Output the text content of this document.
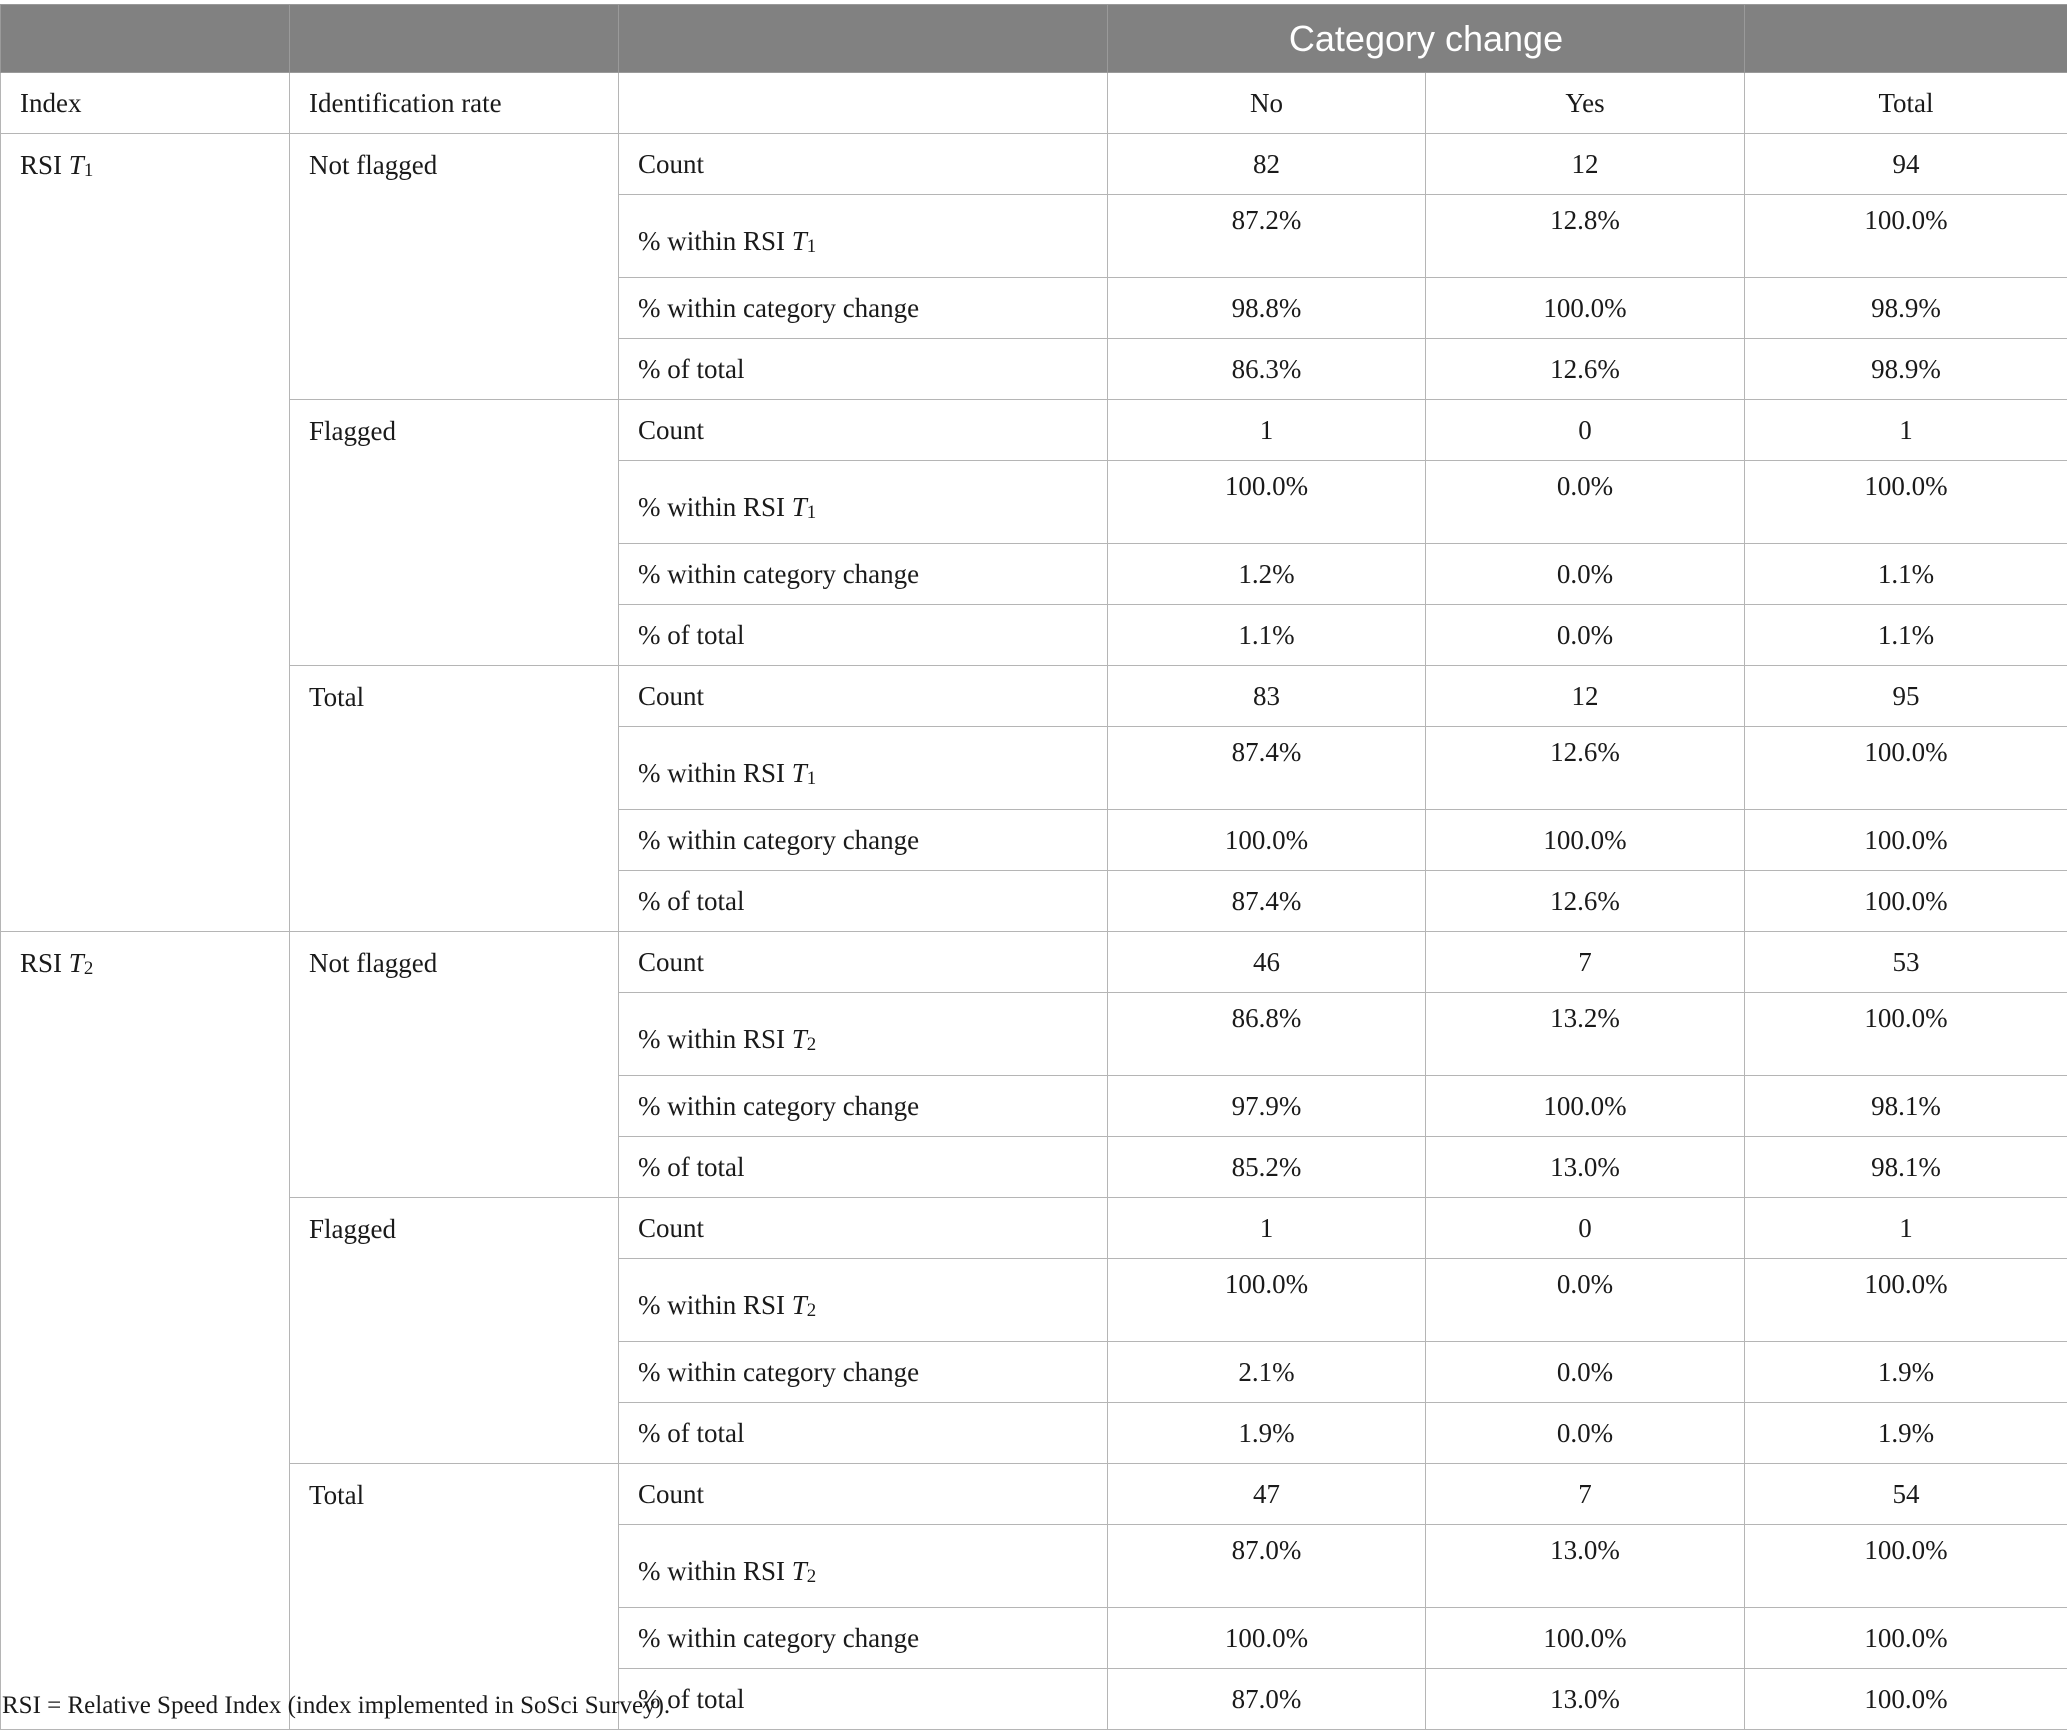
			Category change		
Index	Identification rate		No	Yes	Total
RSI $T_1$	Not flagged	Count	82	12	94
		% within RSI $T_1$	87.2%	12.8%	100.0%
		% within category change	98.8%	100.0%	98.9%
		% of total	86.3%	12.6%	98.9%
	Flagged	Count	1	0	1
		% within RSI $T_1$	100.0%	0.0%	100.0%
		% within category change	1.2%	0.0%	1.1%
		% of total	1.1%	0.0%	1.1%
	Total	Count	83	12	95
		% within RSI $T_1$	87.4%	12.6%	100.0%
		% within category change	100.0%	100.0%	100.0%
		% of total	87.4%	12.6%	100.0%
RSI $T_2$	Not flagged	Count	46	7	53
		% within RSI $T_2$	86.8%	13.2%	100.0%
		% within category change	97.9%	100.0%	98.1%
		% of total	85.2%	13.0%	98.1%
	Flagged	Count	1	0	1
		% within RSI $T_2$	100.0%	0.0%	100.0%
		% within category change	2.1%	0.0%	1.9%
		% of total	1.9%	0.0%	1.9%
	Total	Count	47	7	54
		% within RSI $T_2$	87.0%	13.0%	100.0%
		% within category change	100.0%	100.0%	100.0%
		% of total	87.0%	13.0%	100.0%
RSI = Relative Speed Index (index implemented in SoSci Survey).
